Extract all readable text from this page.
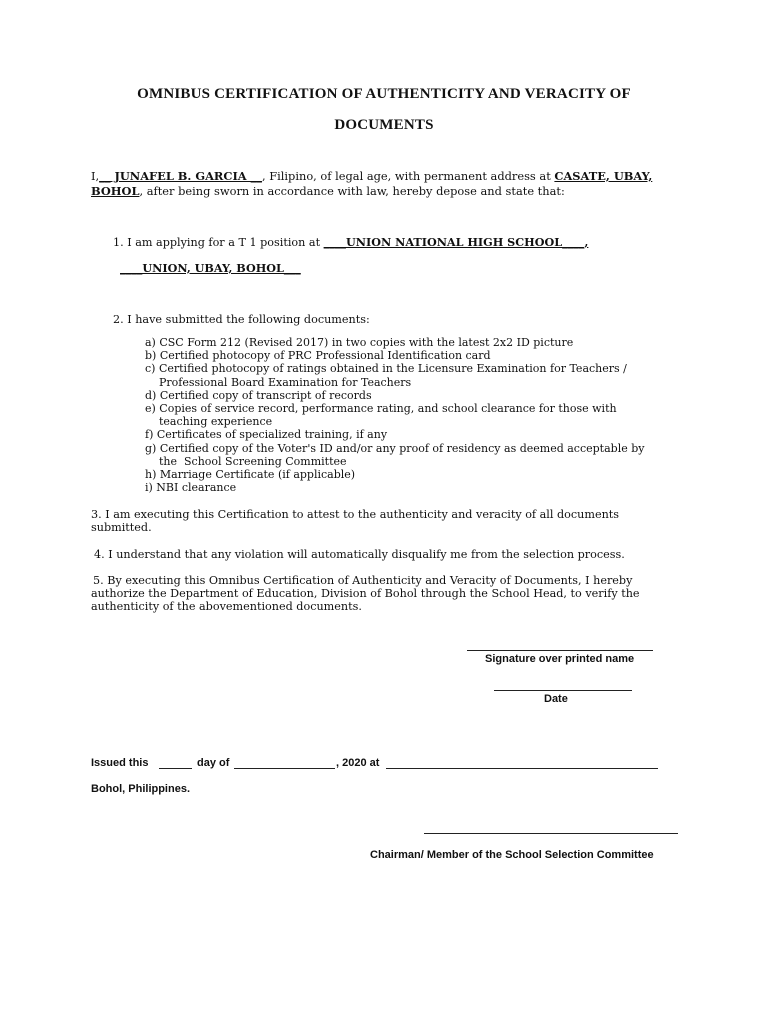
OMNIBUS CERTIFICATION OF AUTHENTICITY AND VERACITY OF
DOCUMENTS
I,__ JUNAFEL B. GARCIA __, Filipino, of legal age, with permanent address at CASATE, UBAY,
BOHOL, after being sworn in accordance with law, hereby depose and state that:
1. I am applying for a T 1 position at ____UNION NATIONAL HIGH SCHOOL____,
____UNION, UBAY, BOHOL___
2. I have submitted the following documents:
a) CSC Form 212 (Revised 2017) in two copies with the latest 2x2 ID picture
b) Certified photocopy of PRC Professional Identification card
c) Certified photocopy of ratings obtained in the Licensure Examination for Teachers /
Professional Board Examination for Teachers
d) Certified copy of transcript of records
e) Copies of service record, performance rating, and school clearance for those with
teaching experience
f) Certificates of specialized training, if any
g) Certified copy of the Voter's ID and/or any proof of residency as deemed acceptable by
the  School Screening Committee
h) Marriage Certificate (if applicable)
i) NBI clearance
3. I am executing this Certification to attest to the authenticity and veracity of all documents
submitted.
4. I understand that any violation will automatically disqualify me from the selection process.
5. By executing this Omnibus Certification of Authenticity and Veracity of Documents, I hereby
authorize the Department of Education, Division of Bohol through the School Head, to verify the
authenticity of the abovementioned documents.
Signature over printed name
Date
Issued this	day of	, 2020 at
Bohol, Philippines.
Chairman/ Member of the School Selection Committee
